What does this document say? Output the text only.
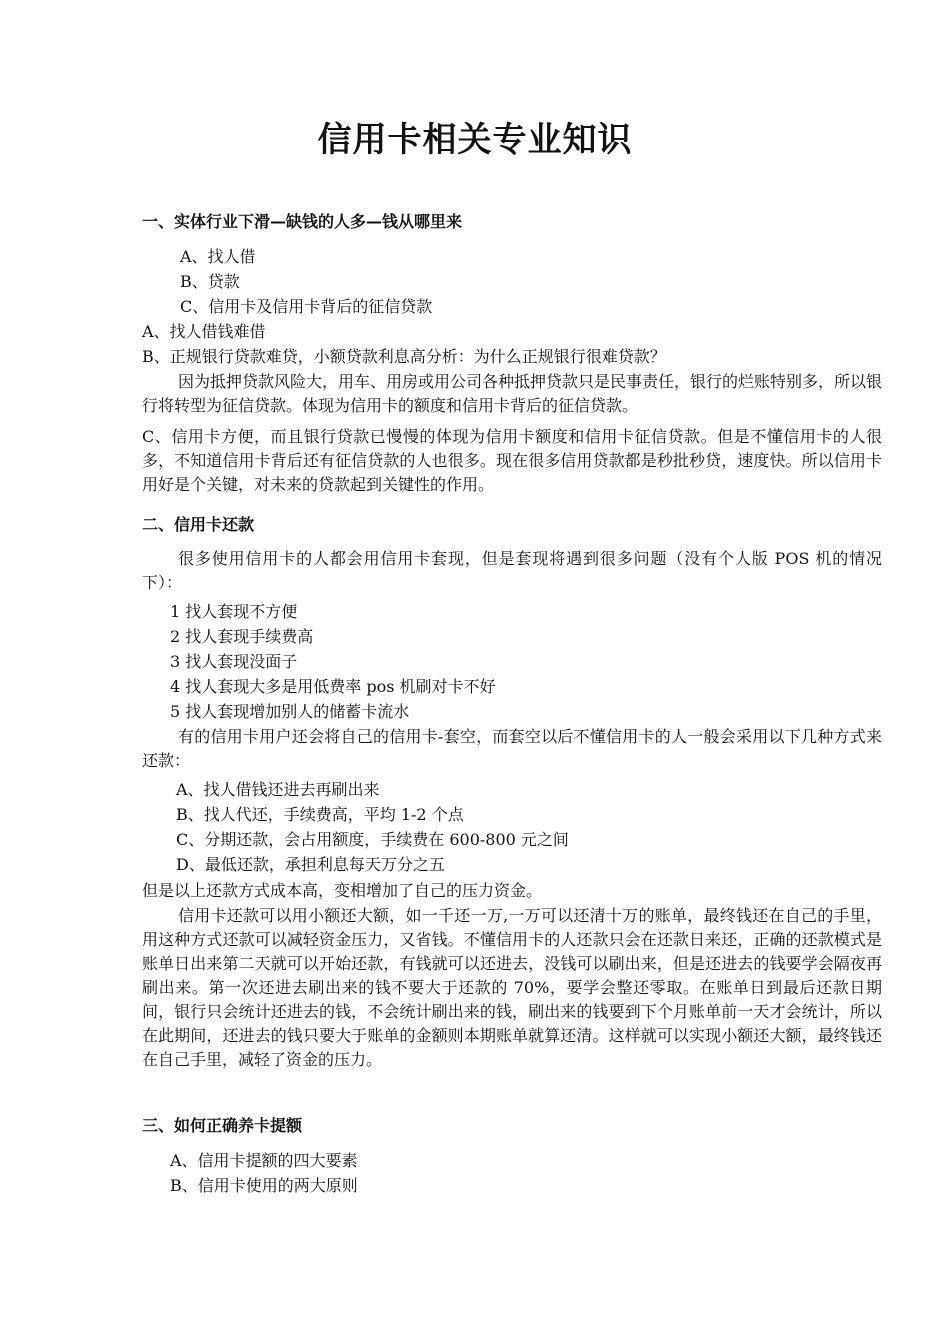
信用卡相关专业知识
一、实体行业下滑—缺钱的人多—钱从哪里来

A、找人借

B、贷款

C、信用卡及信用卡背后的征信贷款

A、找人借钱难借

B、正规银行贷款难贷，小额贷款利息高分析：为什么正规银行很难贷款？

因为抵押贷款风险大，用车、用房或用公司各种抵押贷款只是民事责任，银行的烂账特别多，所以银行将转型为征信贷款。体现为信用卡的额度和信用卡背后的征信贷款。

C、信用卡方便，而且银行贷款已慢慢的体现为信用卡额度和信用卡征信贷款。但是不懂信用卡的人很多，不知道信用卡背后还有征信贷款的人也很多。现在很多信用贷款都是秒批秒贷，速度快。所以信用卡用好是个关键，对未来的贷款起到关键性的作用。

二、信用卡还款

很多使用信用卡的人都会用信用卡套现，但是套现将遇到很多问题（没有个人版 POS 机的情况下）：

1 找人套现不方便

2 找人套现手续费高

3 找人套现没面子

4 找人套现大多是用低费率 pos 机刷对卡不好

5 找人套现增加别人的储蓄卡流水

有的信用卡用户还会将自己的信用卡-套空，而套空以后不懂信用卡的人一般会采用以下几种方式来还款：

A、找人借钱还进去再刷出来

B、找人代还，手续费高，平均 1-2 个点

C、分期还款，会占用额度，手续费在 600-800 元之间

D、最低还款，承担利息每天万分之五

但是以上还款方式成本高，变相增加了自己的压力资金。

信用卡还款可以用小额还大额，如一千还一万,一万可以还清十万的账单，最终钱还在自己的手里，用这种方式还款可以减轻资金压力，又省钱。不懂信用卡的人还款只会在还款日来还，正确的还款模式是账单日出来第二天就可以开始还款，有钱就可以还进去，没钱可以刷出来，但是还进去的钱要学会隔夜再刷出来。第一次还进去刷出来的钱不要大于还款的 70%，要学会整还零取。在账单日到最后还款日期间，银行只会统计还进去的钱，不会统计刷出来的钱，刷出来的钱要到下个月账单前一天才会统计，所以在此期间，还进去的钱只要大于账单的金额则本期账单就算还清。这样就可以实现小额还大额，最终钱还在自己手里，减轻了资金的压力。

三、如何正确养卡提额

A、信用卡提额的四大要素

B、信用卡使用的两大原则
